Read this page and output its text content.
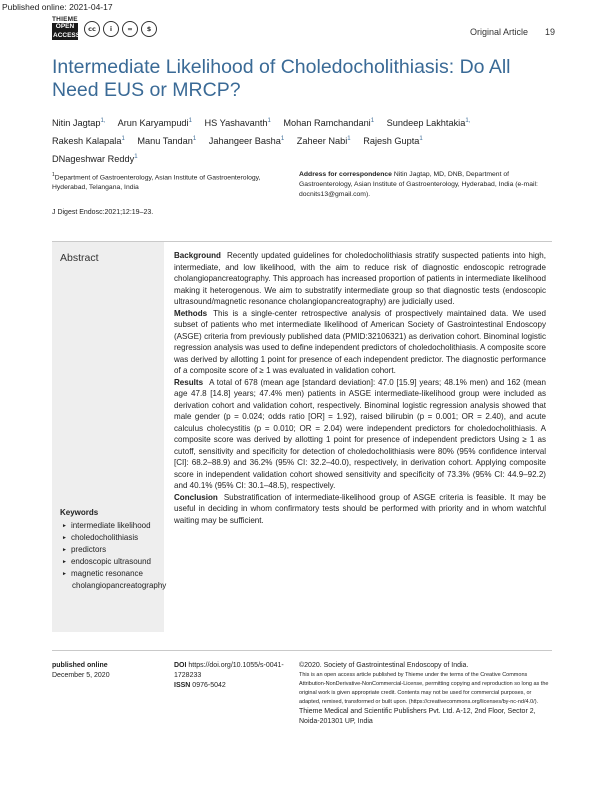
Published online: 2021-04-17
THIEME
OPEN
ACCESS
cc	i	=	$	Original Article 19
Intermediate Likelihood of Choledocholithiasis: Do All Need EUS or MRCP?
Nitin Jagtap$^{1,}$ Arun Karyampudi$^1$ HS Yashavanth$^1$ Mohan Ramchandani$^1$ Sundeep Lakhtakia$^{1,}$
Rakesh Kalapala$^1$ Manu Tandan$^1$ Jahangeer Basha$^1$ Zaheer Nabi$^1$ Rajesh Gupta$^1$
DNageshwar Reddy$^1$
$^1$Department of Gastroenterology, Asian Institute of Gastroenterology, Hyderabad, Telangana, India
Address for correspondence Nitin Jagtap, MD, DNB, Department of Gastroenterology, Asian Institute of Gastroenterology, Hyderabad, India (e-mail: docnits13@gmail.com).
J Digest Endosc:2021;12:19–23.
Abstract
Keywords
► intermediate likelihood
► choledocholithiasis
► predictors
► endoscopic ultrasound
► magnetic resonance cholangiopancreatography

Background Recently updated guidelines for choledocholithiasis stratify suspected patients into high, intermediate, and low likelihood, with the aim to reduce risk of diagnostic endoscopic retrograde cholangiopancreatography. This approach has increased proportion of patients in intermediate likelihood making it heterogenous. We aim to substratify intermediate group so that diagnostic tests (endoscopic ultrasound/magnetic resonance cholangiopancreatography) are judicially used.

Methods This is a single-center retrospective analysis of prospectively maintained data. We used subset of patients who met intermediate likelihood of American Society of Gastrointestinal Endoscopy (ASGE) criteria from previously published data (PMID:32106321) as derivation cohort. Binominal logistic regression analysis was used to define independent predictors of choledocholithiasis. A composite score was derived by allotting 1 point for presence of each independent predictor. The diagnostic performance of a composite score of ≥ 1 was evaluated in validation cohort.

Results A total of 678 (mean age [standard deviation]: 47.0 [15.9] years; 48.1% men) and 162 (mean age 47.8 [14.8] years; 47.4% men) patients in ASGE intermediate-likelihood group were included as derivation cohort and validation cohort, respectively. Binominal logistic regression analysis showed that male gender (p = 0.024; odds ratio [OR] = 1.92), raised bilirubin (p = 0.001; OR = 2.40), and acute calculus cholecystitis (p = 0.010; OR = 2.04) were independent predictors for choledocholithiasis. A composite score was derived by allotting 1 point for presence of independent predictors Using ≥ 1 as cutoff, sensitivity and specificity for detection of choledocholithiasis were 80% (95% confidence interval [CI]: 68.2–88.9) and 36.2% (95% CI: 32.2–40.0), respectively, in derivation cohort. Applying composite score in independent validation cohort showed sensitivity and specificity of 73.3% (95% CI: 44.9–92.2) and 40.1% (95% CI: 30.1–48.5), respectively.

Conclusion Substratification of intermediate-likelihood group of ASGE criteria is feasible. It may be useful in deciding in whom confirmatory tests should be performed with priority and in whom watchful waiting may be sufficient.

published online
December 5, 2020
DOI https://doi.org/10.1055/s-0041-1728233
ISSN 0976-5042
©2020. Society of Gastrointestinal Endoscopy of India.
This is an open access article published by Thieme under the terms of the Creative Commons Attribution-NonDerivative-NonCommercial-License, permitting copying and reproduction so long as the original work is given appropriate credit. Contents may not be used for commercial purposes, or adapted, remixed, transformed or built upon. (https://creativecommons.org/licenses/by-nc-nd/4.0/).
Thieme Medical and Scientific Publishers Pvt. Ltd. A-12, 2nd Floor, Sector 2, Noida-201301 UP, India
